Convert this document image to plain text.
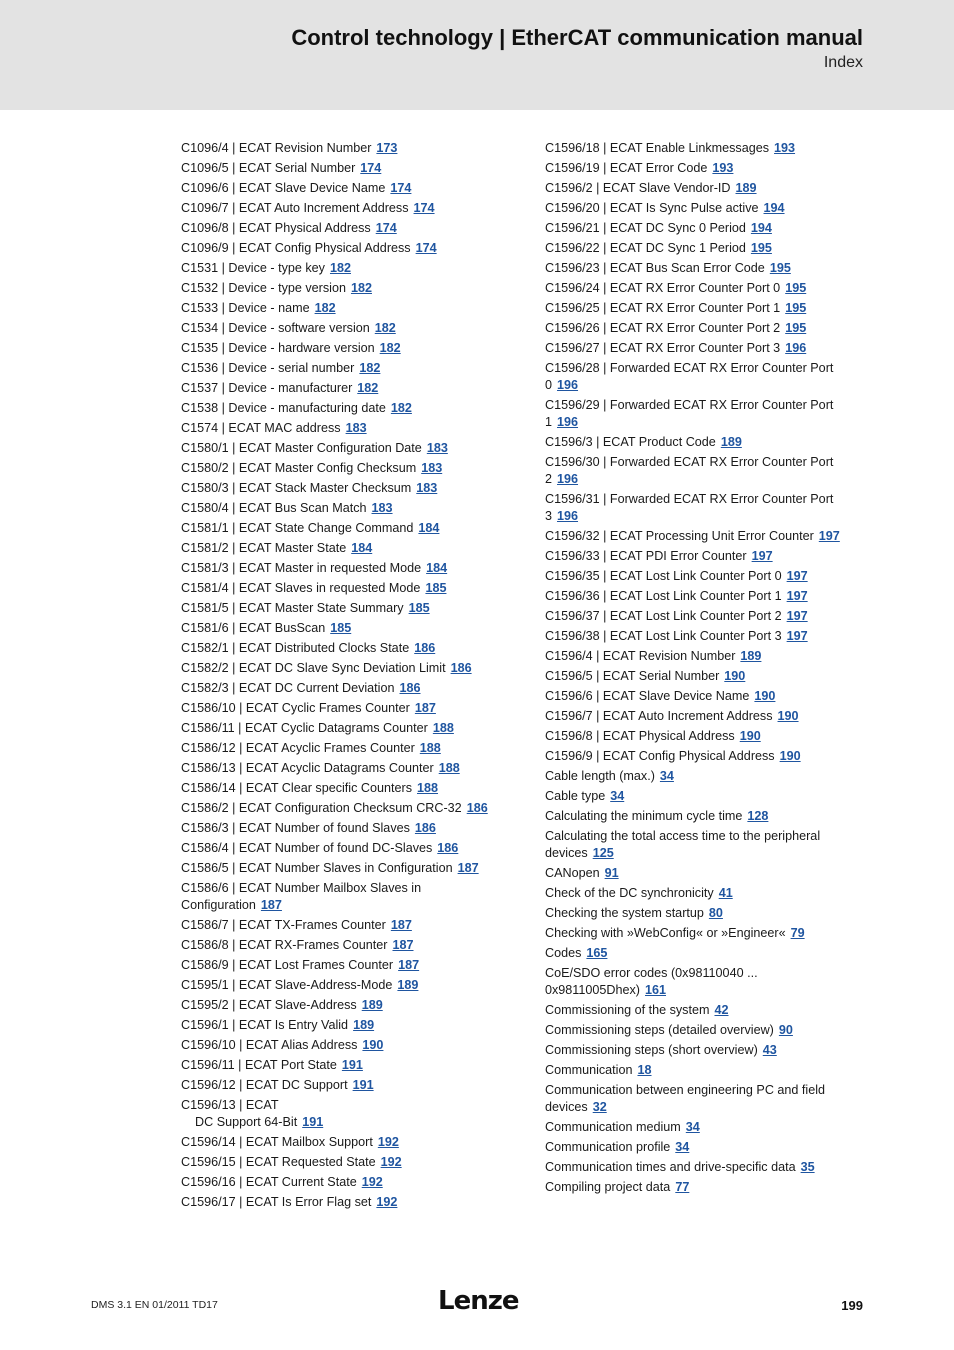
Control technology | EtherCAT communication manual
Index
C1096/4 | ECAT Revision Number 173
C1096/5 | ECAT Serial Number 174
C1096/6 | ECAT Slave Device Name 174
C1096/7 | ECAT Auto Increment Address 174
C1096/8 | ECAT Physical Address 174
C1096/9 | ECAT Config Physical Address 174
C1531 | Device - type key 182
C1532 | Device - type version 182
C1533 | Device - name 182
C1534 | Device - software version 182
C1535 | Device - hardware version 182
C1536 | Device - serial number 182
C1537 | Device - manufacturer 182
C1538 | Device - manufacturing date 182
C1574 | ECAT MAC address 183
C1580/1 | ECAT Master Configuration Date 183
C1580/2 | ECAT Master Config Checksum 183
C1580/3 | ECAT Stack Master Checksum 183
C1580/4 | ECAT Bus Scan Match 183
C1581/1 | ECAT State Change Command 184
C1581/2 | ECAT Master State 184
C1581/3 | ECAT Master in requested Mode 184
C1581/4 | ECAT Slaves in requested Mode 185
C1581/5 | ECAT Master State Summary 185
C1581/6 | ECAT BusScan 185
C1582/1 | ECAT Distributed Clocks State 186
C1582/2 | ECAT DC Slave Sync Deviation Limit 186
C1582/3 | ECAT DC Current Deviation 186
C1586/10 | ECAT Cyclic Frames Counter 187
C1586/11 | ECAT Cyclic Datagrams Counter 188
C1586/12 | ECAT Acyclic Frames Counter 188
C1586/13 | ECAT Acyclic Datagrams Counter 188
C1586/14 | ECAT Clear specific Counters 188
C1586/2 | ECAT Configuration Checksum CRC-32 186
C1586/3 | ECAT Number of found Slaves 186
C1586/4 | ECAT Number of found DC-Slaves 186
C1586/5 | ECAT Number Slaves in Configuration 187
C1586/6 | ECAT Number Mailbox Slaves in Configuration 187
C1586/7 | ECAT TX-Frames Counter 187
C1586/8 | ECAT RX-Frames Counter 187
C1586/9 | ECAT Lost Frames Counter 187
C1595/1 | ECAT Slave-Address-Mode 189
C1595/2 | ECAT Slave-Address 189
C1596/1 | ECAT Is Entry Valid 189
C1596/10 | ECAT Alias Address 190
C1596/11 | ECAT Port State 191
C1596/12 | ECAT DC Support 191
C1596/13 | ECAT
DC Support 64-Bit 191
C1596/14 | ECAT Mailbox Support 192
C1596/15 | ECAT Requested State 192
C1596/16 | ECAT Current State 192
C1596/17 | ECAT Is Error Flag set 192
C1596/18 | ECAT Enable Linkmessages 193
C1596/19 | ECAT Error Code 193
C1596/2 | ECAT Slave Vendor-ID 189
C1596/20 | ECAT Is Sync Pulse active 194
C1596/21 | ECAT DC Sync 0 Period 194
C1596/22 | ECAT DC Sync 1 Period 195
C1596/23 | ECAT Bus Scan Error Code 195
C1596/24 | ECAT RX Error Counter Port 0 195
C1596/25 | ECAT RX Error Counter Port 1 195
C1596/26 | ECAT RX Error Counter Port 2 195
C1596/27 | ECAT RX Error Counter Port 3 196
C1596/28 | Forwarded ECAT RX Error Counter Port 0 196
C1596/29 | Forwarded ECAT RX Error Counter Port 1 196
C1596/3 | ECAT Product Code 189
C1596/30 | Forwarded ECAT RX Error Counter Port 2 196
C1596/31 | Forwarded ECAT RX Error Counter Port 3 196
C1596/32 | ECAT Processing Unit Error Counter 197
C1596/33 | ECAT PDI Error Counter 197
C1596/35 | ECAT Lost Link Counter Port 0 197
C1596/36 | ECAT Lost Link Counter Port 1 197
C1596/37 | ECAT Lost Link Counter Port 2 197
C1596/38 | ECAT Lost Link Counter Port 3 197
C1596/4 | ECAT Revision Number 189
C1596/5 | ECAT Serial Number 190
C1596/6 | ECAT Slave Device Name 190
C1596/7 | ECAT Auto Increment Address 190
C1596/8 | ECAT Physical Address 190
C1596/9 | ECAT Config Physical Address 190
Cable length (max.) 34
Cable type 34
Calculating the minimum cycle time 128
Calculating the total access time to the peripheral devices 125
CANopen 91
Check of the DC synchronicity 41
Checking the system startup 80
Checking with »WebConfig« or »Engineer« 79
Codes 165
CoE/SDO error codes (0x98110040 ... 0x9811005Dhex) 161
Commissioning of the system 42
Commissioning steps (detailed overview) 90
Commissioning steps (short overview) 43
Communication 18
Communication between engineering PC and field devices 32
Communication medium 34
Communication profile 34
Communication times and drive-specific data 35
Compiling project data 77
DMS 3.1 EN 01/2011 TD17	Lenze	199
